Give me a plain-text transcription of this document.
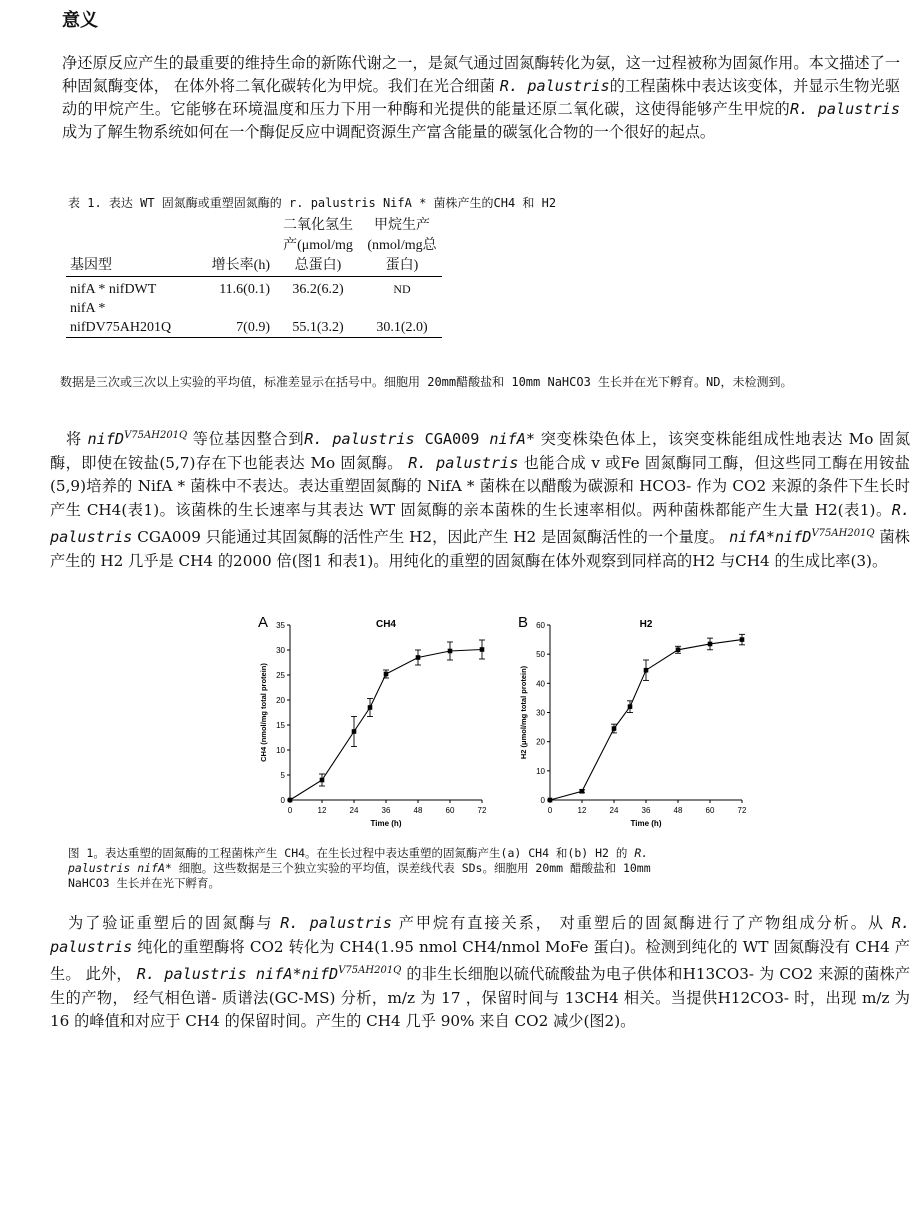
意义
净还原反应产生的最重要的维持生命的新陈代谢之一，是氮气通过固氮酶转化为氨，这一过程被称为固氮作用。本文描述了一种固氮酶变体， 在体外将二氧化碳转化为甲烷。我们在光合细菌 R. palustris的工程菌株中表达该变体，并显示生物光驱动的甲烷产生。它能够在环境温度和压力下用一种酶和光提供的能量还原二氧化碳，这使得能够产生甲烷的R. palustris 成为了解生物系统如何在一个酶促反应中调配资源生产富含能量的碳氢化合物的一个很好的起点。
表 1. 表达 WT 固氮酶或重塑固氮酶的 r. palustris NifA * 菌株产生的CH4 和 H2
基因型	增长率(h)	二氧化氢生产(μmol/mg总蛋白)	甲烷生产(nmol/mg总蛋白)
nifA * nifDWT	11.6(0.1)	36.2(6.2)	ND
nifA * nifDV75AH201Q	7(0.9)	55.1(3.2)	30.1(2.0)
数据是三次或三次以上实验的平均值，标准差显示在括号中。细胞用 20mm醋酸盐和 10mm NaHCO3 生长并在光下孵育。ND，未检测到。
将 nifD$^{V75AH201Q}$ 等位基因整合到R. palustris CGA009 nifA* 突变株染色体上，该突变株能组成性地表达 Mo 固氮酶，即使在铵盐(5,7)存在下也能表达 Mo 固氮酶。 R. palustris 也能合成 v 或Fe 固氮酶同工酶，但这些同工酶在用铵盐(5,9)培养的 NifA * 菌株中不表达。表达重塑固氮酶的 NifA * 菌株在以醋酸为碳源和 HCO3- 作为 CO2 来源的条件下生长时产生 CH4(表1)。该菌株的生长速率与其表达 WT 固氮酶的亲本菌株的生长速率相似。两种菌株都能产生大量 H2(表1)。R. palustris CGA009 只能通过其固氮酶的活性产生 H2，因此产生 H2 是固氮酶活性的一个量度。 nifA*nifD$^{V75AH201Q}$ 菌株产生的 H2 几乎是 CH4 的2000 倍(图1 和表1)。用纯化的重塑的固氮酶在体外观察到同样高的H2 与CH4 的生成比率(3)。
0	12	24	36	48	60	72
0
5
10
15
20
25
30
35
A	CH4
Time (h)
CH4 (nmol/mg total protein)
0	12	24	36	48	60	72
0
10
20
30
40
50
60
B	H2
Time (h)
H2 (μmol/mg total protein)
图 1。表达重塑的固氮酶的工程菌株产生 CH4。在生长过程中表达重塑的固氮酶产生(a) CH4 和(b) H2 的 R.
palustris nifA* 细胞。这些数据是三个独立实验的平均值，误差线代表 SDs。细胞用 20mm 醋酸盐和 10mm
NaHCO3 生长并在光下孵育。
为了验证重塑后的固氮酶与 R. palustris 产甲烷有直接关系， 对重塑后的固氮酶进行了产物组成分析。从 R. palustris 纯化的重塑酶将 CO2 转化为 CH4(1.95 nmol CH4/nmol MoFe 蛋白)。检测到纯化的 WT 固氮酶没有 CH4 产生。 此外， R. palustris nifA*nifD$^{V75AH201Q}$ 的非生长细胞以硫代硫酸盐为电子供体和H13CO3- 为 CO2 来源的菌株产生的产物， 经气相色谱- 质谱法(GC-MS) 分析，m/z 为 17 ，保留时间与 13CH4 相关。当提供H12CO3- 时，出现 m/z 为16 的峰值和对应于 CH4 的保留时间。产生的 CH4 几乎 90% 来自 CO2 减少(图2)。
